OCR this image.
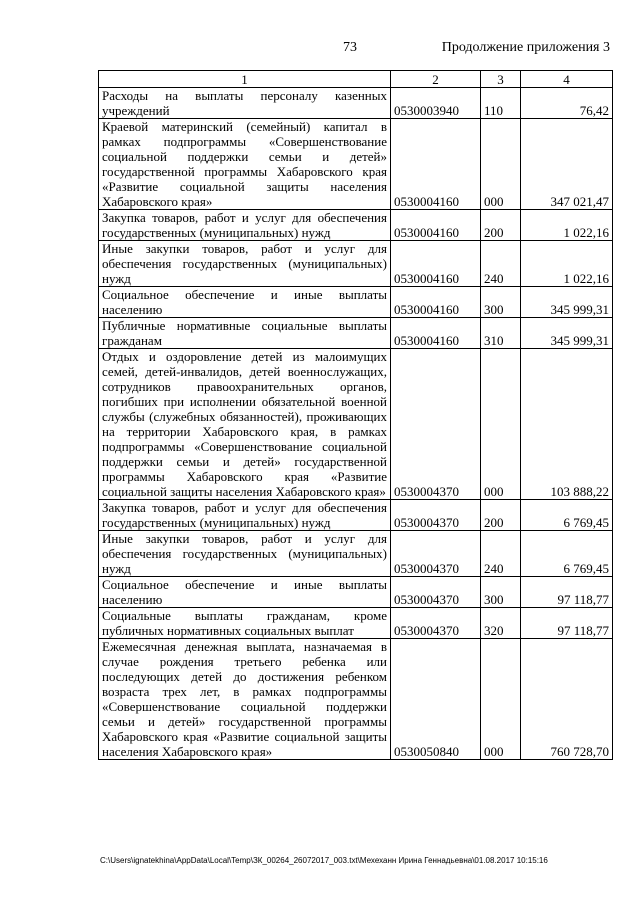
73	Продолжение приложения 3
1	2	3	4
Расходы на выплаты персоналу казенных учреждений	0530003940	110	76,42
Краевой материнский (семейный) капитал в рамках подпрограммы «Совершенствование социальной поддержки семьи и детей» государственной программы Хабаровского края «Развитие социальной защиты населения Хабаровского края»	0530004160	000	347 021,47
Закупка товаров, работ и услуг для обеспечения государственных (муниципальных) нужд	0530004160	200	1 022,16
Иные закупки товаров, работ и услуг для обеспечения государственных (муниципальных) нужд	0530004160	240	1 022,16
Социальное обеспечение и иные выплаты населению	0530004160	300	345 999,31
Публичные нормативные социальные выплаты гражданам	0530004160	310	345 999,31
Отдых и оздоровление детей из малоимущих семей, детей-инвалидов, детей военнослужащих, сотрудников правоохранительных органов, погибших при исполнении обязательной военной службы (служебных обязанностей), проживающих на территории Хабаровского края, в рамках подпрограммы «Совершенствование социальной поддержки семьи и детей» государственной программы Хабаровского края «Развитие социальной защиты населения Хабаровского края»	0530004370	000	103 888,22
Закупка товаров, работ и услуг для обеспечения государственных (муниципальных) нужд	0530004370	200	6 769,45
Иные закупки товаров, работ и услуг для обеспечения государственных (муниципальных) нужд	0530004370	240	6 769,45
Социальное обеспечение и иные выплаты населению	0530004370	300	97 118,77
Социальные выплаты гражданам, кроме публичных нормативных социальных выплат	0530004370	320	97 118,77
Ежемесячная денежная выплата, назначаемая в случае рождения третьего ребенка или последующих детей до достижения ребенком возраста трех лет, в рамках подпрограммы «Совершенствование социальной поддержки семьи и детей» государственной программы Хабаровского края «Развитие социальной защиты населения Хабаровского края»	0530050840	000	760 728,70
C:\Users\ignatekhina\AppData\Local\Temp\ЗК_00264_26072017_003.txt\Мехеханн Ирина Геннадьевна\01.08.2017 10:15:16
